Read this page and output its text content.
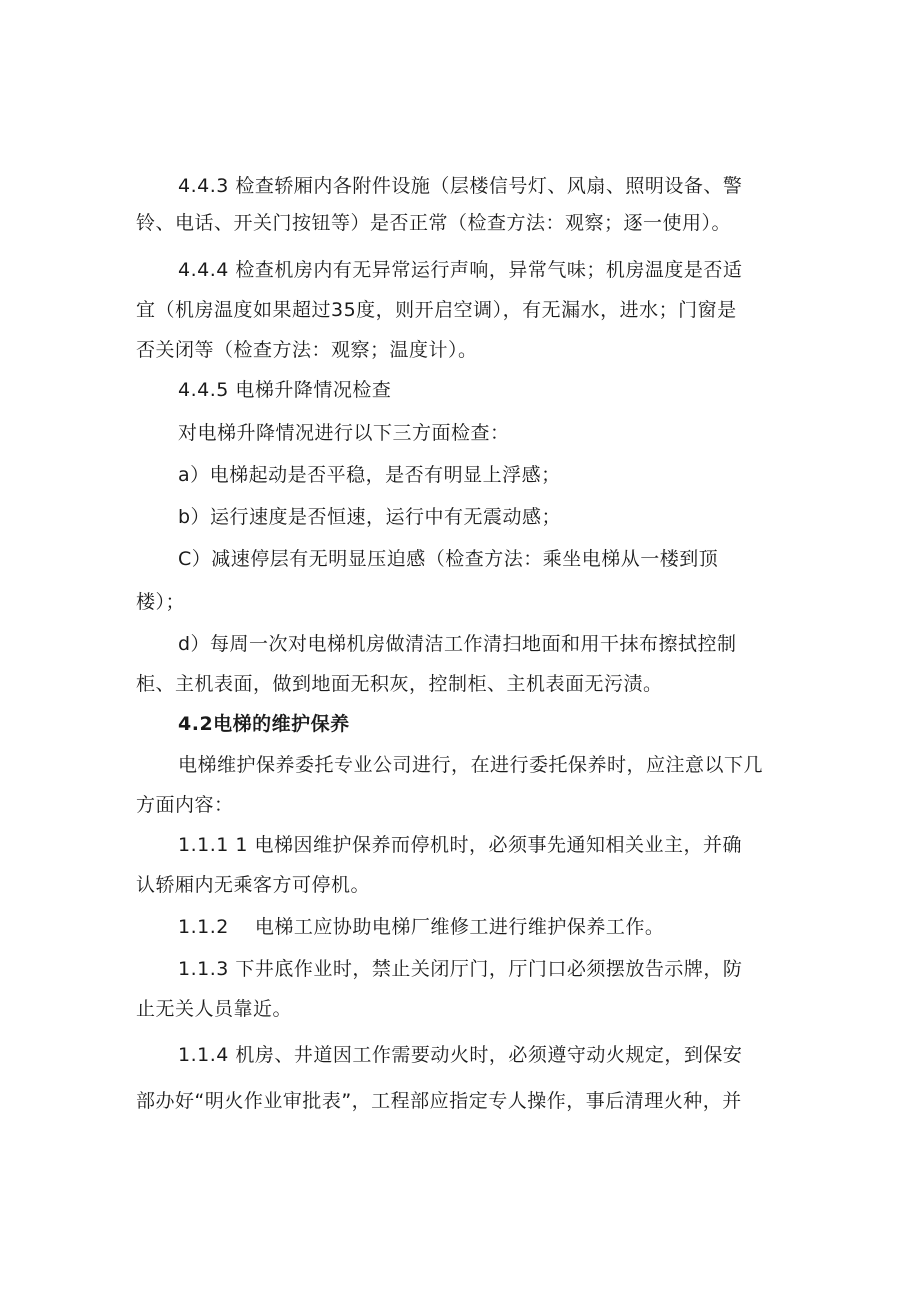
4.4.3 检查轿厢内各附件设施（层楼信号灯、风扇、照明设备、警
铃、电话、开关门按钮等）是否正常（检查方法：观察；逐一使用）。
4.4.4 检查机房内有无异常运行声响，异常气味；机房温度是否适
宜（机房温度如果超过35度，则开启空调），有无漏水，进水；门窗是
否关闭等（检查方法：观察；温度计）。
4.4.5 电梯升降情况检查
对电梯升降情况进行以下三方面检查：
a）电梯起动是否平稳，是否有明显上浮感；
b）运行速度是否恒速，运行中有无震动感；
C）减速停层有无明显压迫感（检查方法：乘坐电梯从一楼到顶
楼）；
d）每周一次对电梯机房做清洁工作清扫地面和用干抹布擦拭控制
柜、主机表面，做到地面无积灰，控制柜、主机表面无污渍。
4.2电梯的维护保养
电梯维护保养委托专业公司进行，在进行委托保养时，应注意以下几
方面内容：
1.1.1 1 电梯因维护保养而停机时，必须事先通知相关业主，并确
认轿厢内无乘客方可停机。
1.1.2　 电梯工应协助电梯厂维修工进行维护保养工作。
1.1.3 下井底作业时，禁止关闭厅门，厅门口必须摆放告示牌，防
止无关人员靠近。
1.1.4 机房、井道因工作需要动火时，必须遵守动火规定，到保安
部办好“明火作业审批表”，工程部应指定专人操作，事后清理火种，并
